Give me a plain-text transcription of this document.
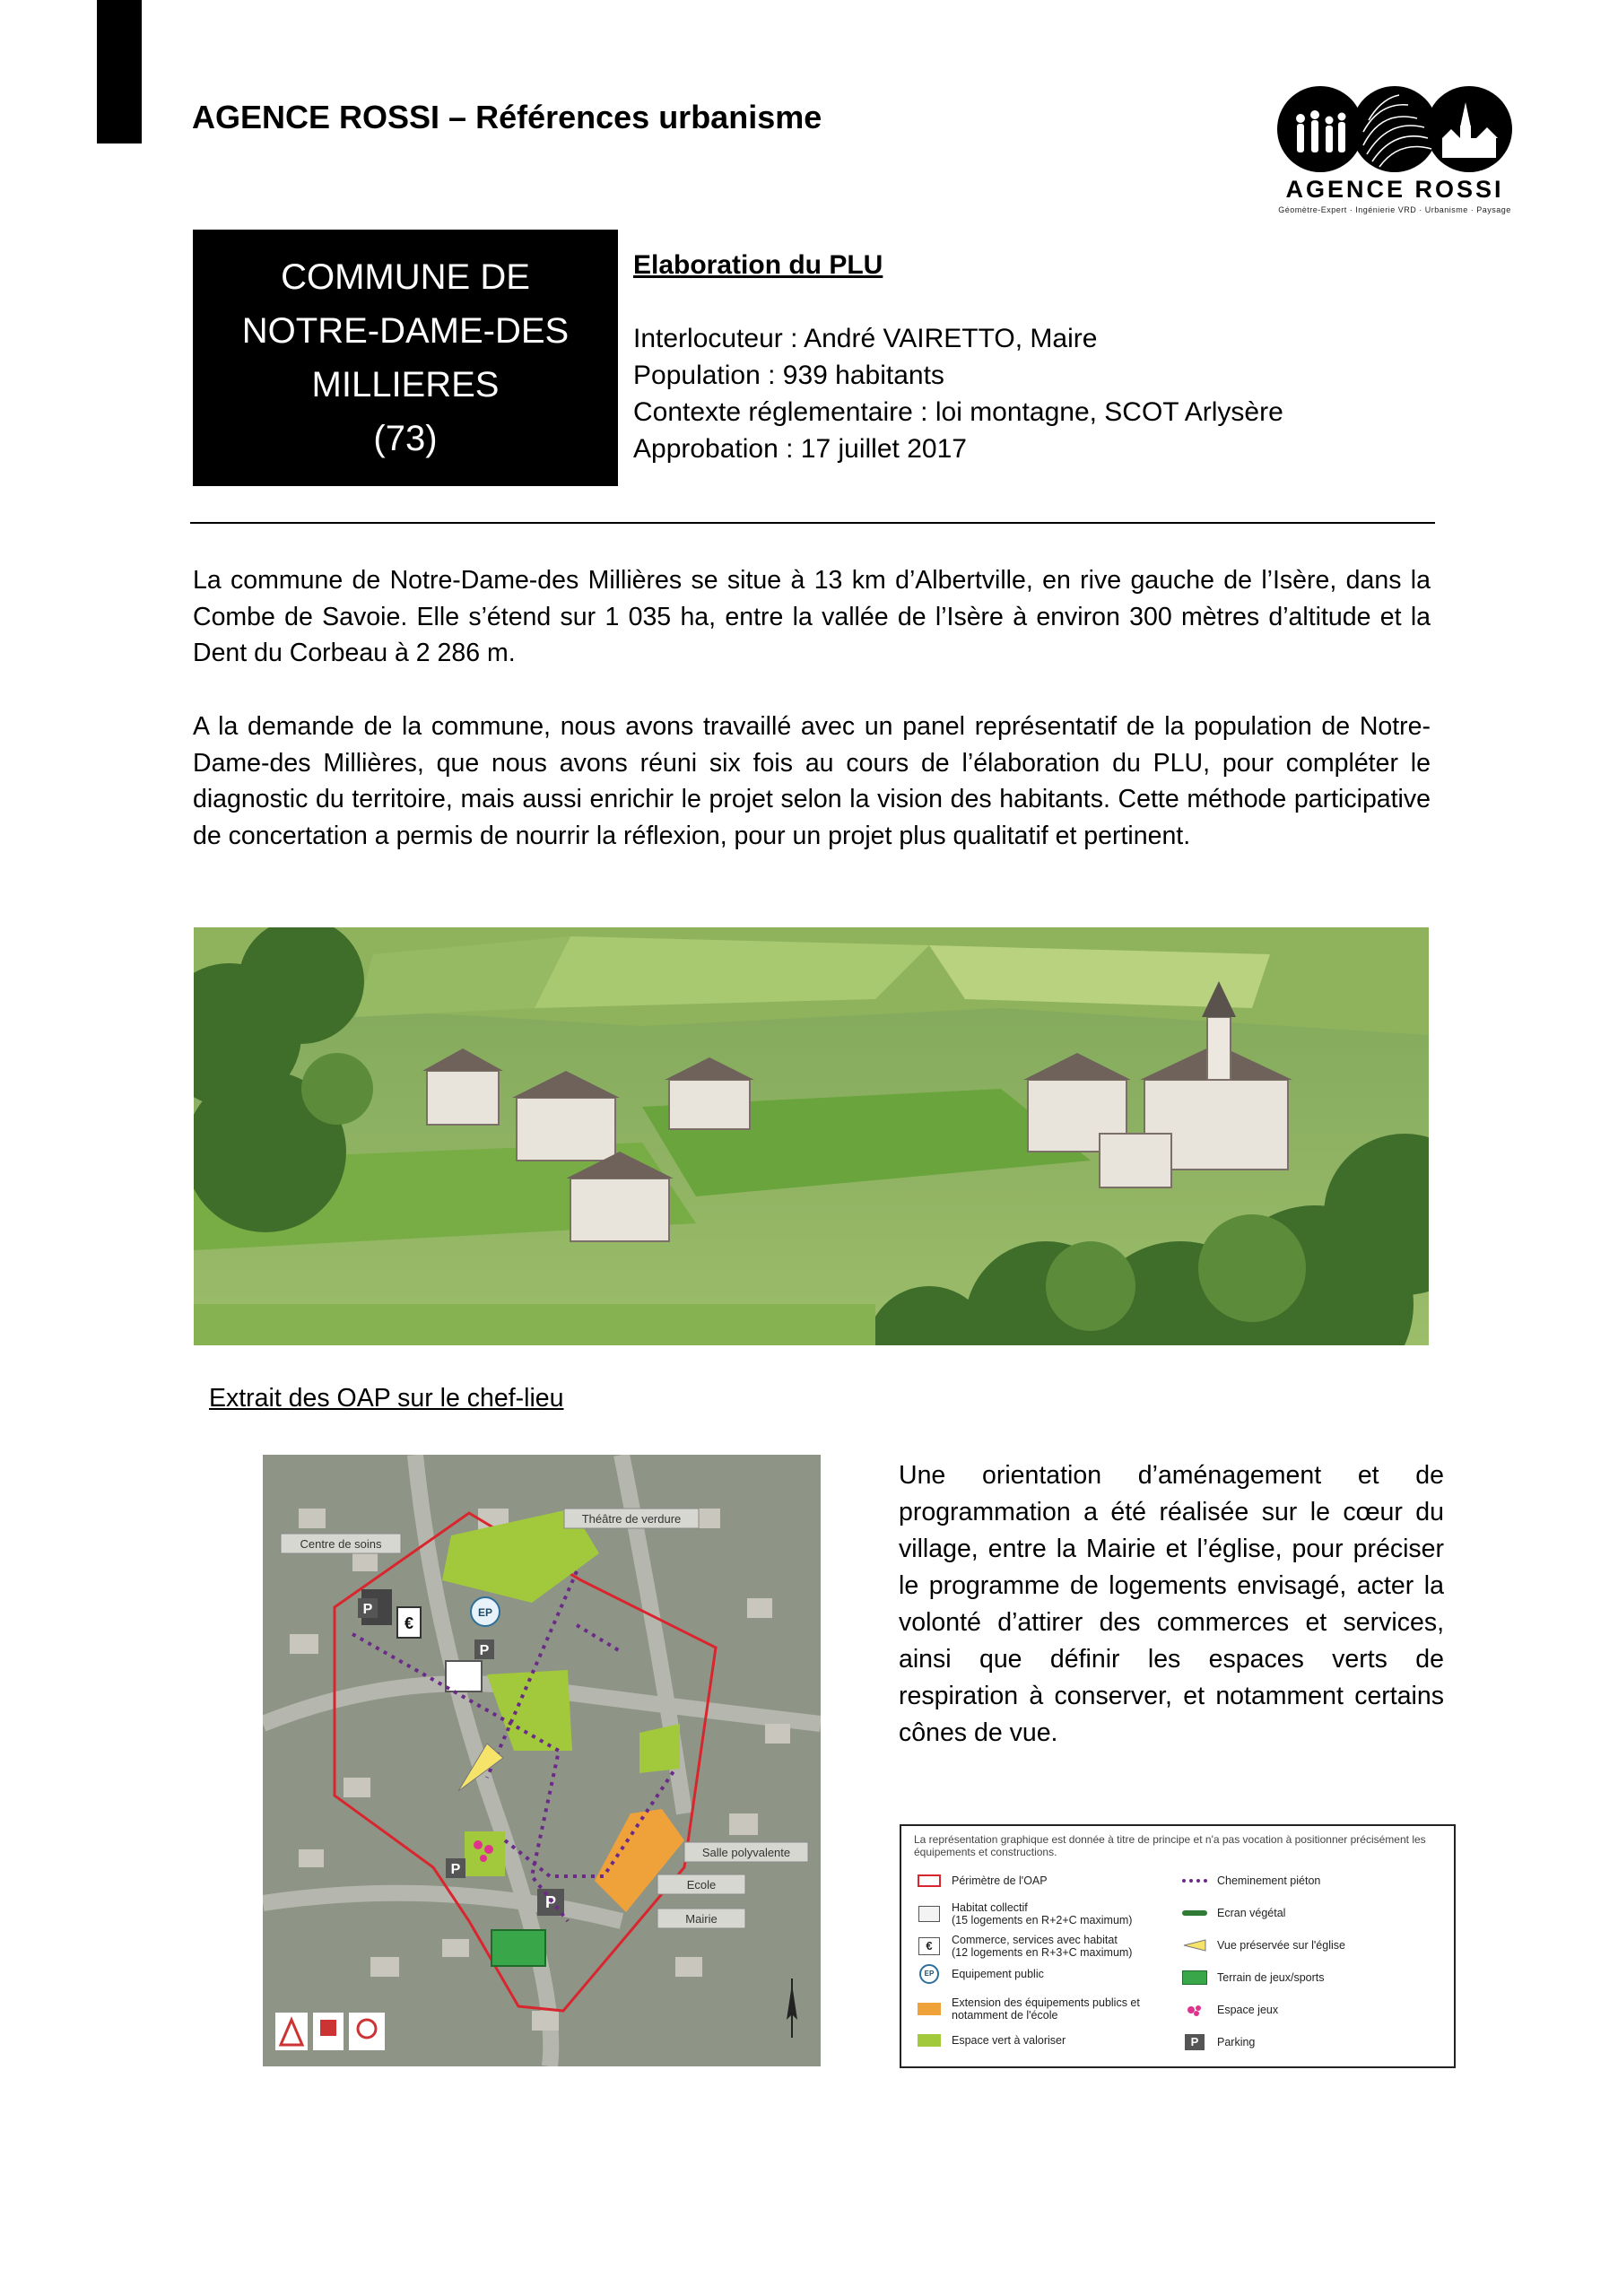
AGENCE ROSSI – Références urbanisme
AGENCE ROSSI
Géomètre-Expert · Ingénierie VRD · Urbanisme · Paysage
COMMUNE DE
NOTRE-DAME-DES
MILLIERES
(73)
Elaboration du PLU
Interlocuteur : André VAIRETTO, Maire
Population : 939 habitants
Contexte réglementaire : loi montagne, SCOT Arlysère
Approbation : 17 juillet 2017
La commune de Notre-Dame-des Millières se situe à 13 km d’Albertville, en rive gauche de l’Isère, dans la Combe de Savoie. Elle s’étend sur 1 035 ha, entre la vallée de l’Isère à environ 300 mètres d’altitude et la Dent du Corbeau à 2 286 m.
A la demande de la commune, nous avons travaillé avec un panel représentatif de la population de Notre-Dame-des Millières, que nous avons réuni six fois au cours de l’élaboration du PLU, pour compléter le diagnostic du territoire, mais aussi enrichir le projet selon la vision des habitants. Cette méthode participative de concertation a permis de nourrir la réflexion, pour un projet plus qualitatif et pertinent.
Extrait des OAP sur le chef-lieu
€
EP
P
P
P
P
Théâtre de verdure
Centre de soins
Salle polyvalente
Ecole
Mairie
Une orientation d’aménagement et de programmation a été réalisée sur le cœur du village, entre la Mairie et l’église, pour préciser le programme de logements envisagé, acter la volonté d’attirer des commerces et services, ainsi que définir les espaces verts de respiration à conserver, et notamment certains cônes de vue.
La représentation graphique est donnée à titre de principe et n'a pas vocation à positionner précisément les équipements et constructions.
Périmètre de l'OAP
Habitat collectif
(15 logements en R+2+C maximum)
€	Commerce, services avec habitat
(12 logements en R+3+C maximum)
EP	Equipement public
Extension des équipements publics et
notamment de l'école
Espace vert à valoriser
Cheminement piéton
Ecran végétal
Vue préservée sur l'église
Terrain de jeux/sports
Espace jeux
P	Parking
